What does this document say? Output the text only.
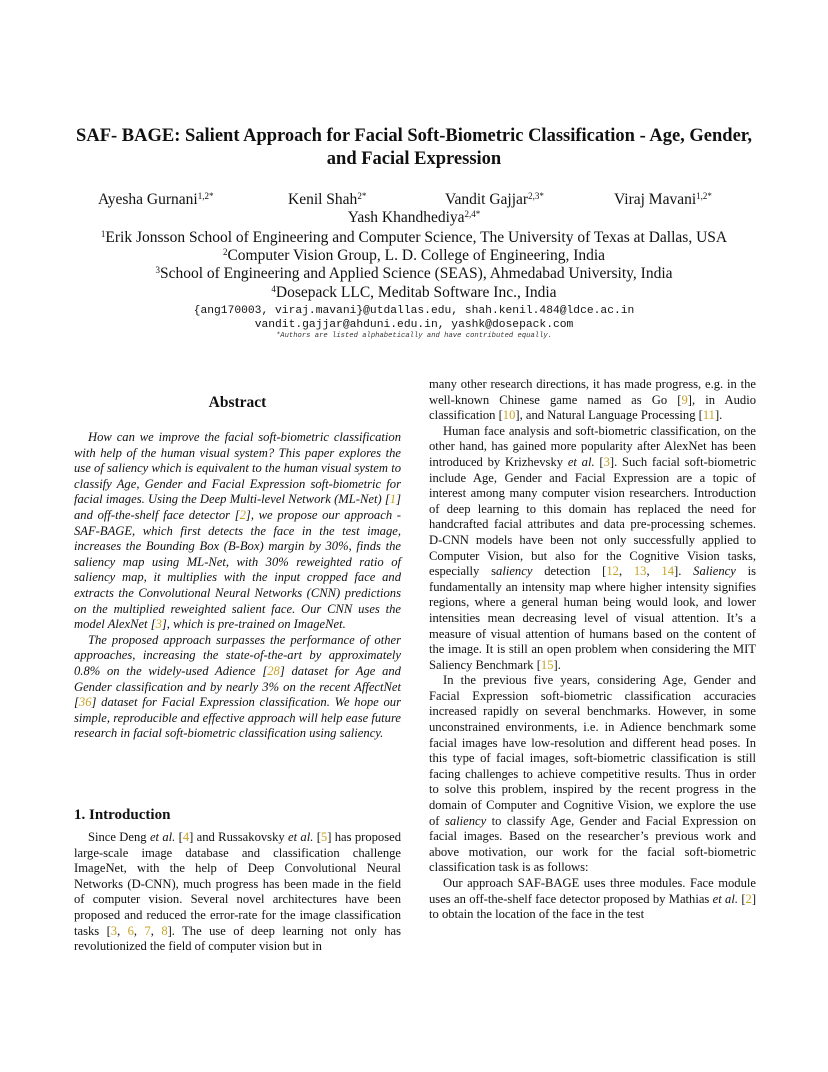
SAF- BAGE: Salient Approach for Facial Soft-Biometric Classification - Age, Gender, and Facial Expression
Ayesha Gurnani$^{1,2*}$	Kenil Shah$^{2*}$	Vandit Gajjar$^{2,3*}$	Viraj Mavani$^{1,2*}$
Yash Khandhediya$^{2,4*}$
$^1$Erik Jonsson School of Engineering and Computer Science, The University of Texas at Dallas, USA
$^2$Computer Vision Group, L. D. College of Engineering, India
$^3$School of Engineering and Applied Science (SEAS), Ahmedabad University, India
$^4$Dosepack LLC, Meditab Software Inc., India
{ang170003, viraj.mavani}@utdallas.edu, shah.kenil.484@ldce.ac.in
vandit.gajjar@ahduni.edu.in, yashk@dosepack.com
*Authors are listed alphabetically and have contributed equally.
Abstract

How can we improve the facial soft-biometric classification with help of the human visual system? This paper explores the use of saliency which is equivalent to the human visual system to classify Age, Gender and Facial Expression soft-biometric for facial images. Using the Deep Multi-level Network (ML-Net) [1] and off-the-shelf face detector [2], we propose our approach - SAF-BAGE, which first detects the face in the test image, increases the Bounding Box (B-Box) margin by 30%, finds the saliency map using ML-Net, with 30% reweighted ratio of saliency map, it multiplies with the input cropped face and extracts the Convolutional Neural Networks (CNN) predictions on the multiplied reweighted salient face. Our CNN uses the model AlexNet [3], which is pre-trained on ImageNet.

The proposed approach surpasses the performance of other approaches, increasing the state-of-the-art by approximately 0.8% on the widely-used Adience [28] dataset for Age and Gender classification and by nearly 3% on the recent AffectNet [36] dataset for Facial Expression classification. We hope our simple, reproducible and effective approach will help ease future research in facial soft-biometric classification using saliency.

1. Introduction

Since Deng et al. [4] and Russakovsky et al. [5] has proposed large-scale image database and classification challenge ImageNet, with the help of Deep Convolutional Neural Networks (D-CNN), much progress has been made in the field of computer vision. Several novel architectures have been proposed and reduced the error-rate for the image classification tasks [3, 6, 7, 8]. The use of deep learning not only has revolutionized the field of computer vision but in

many other research directions, it has made progress, e.g. in the well-known Chinese game named as Go [9], in Audio classification [10], and Natural Language Processing [11].

Human face analysis and soft-biometric classification, on the other hand, has gained more popularity after AlexNet has been introduced by Krizhevsky et al. [3]. Such facial soft-biometric include Age, Gender and Facial Expression are a topic of interest among many computer vision researchers. Introduction of deep learning to this domain has replaced the need for handcrafted facial attributes and data pre-processing schemes. D-CNN models have been not only successfully applied to Computer Vision, but also for the Cognitive Vision tasks, especially saliency detection [12, 13, 14]. Saliency is fundamentally an intensity map where higher intensity signifies regions, where a general human being would look, and lower intensities mean decreasing level of visual attention. It’s a measure of visual attention of humans based on the content of the image. It is still an open problem when considering the MIT Saliency Benchmark [15].

In the previous five years, considering Age, Gender and Facial Expression soft-biometric classification accuracies increased rapidly on several benchmarks. However, in some unconstrained environments, i.e. in Adience benchmark some facial images have low-resolution and different head poses. In this type of facial images, soft-biometric classification is still facing challenges to achieve competitive results. Thus in order to solve this problem, inspired by the recent progress in the domain of Computer and Cognitive Vision, we explore the use of saliency to classify Age, Gender and Facial Expression on facial images. Based on the researcher’s previous work and above motivation, our work for the facial soft-biometric classification task is as follows:

Our approach SAF-BAGE uses three modules. Face module uses an off-the-shelf face detector proposed by Mathias et al. [2] to obtain the location of the face in the test
